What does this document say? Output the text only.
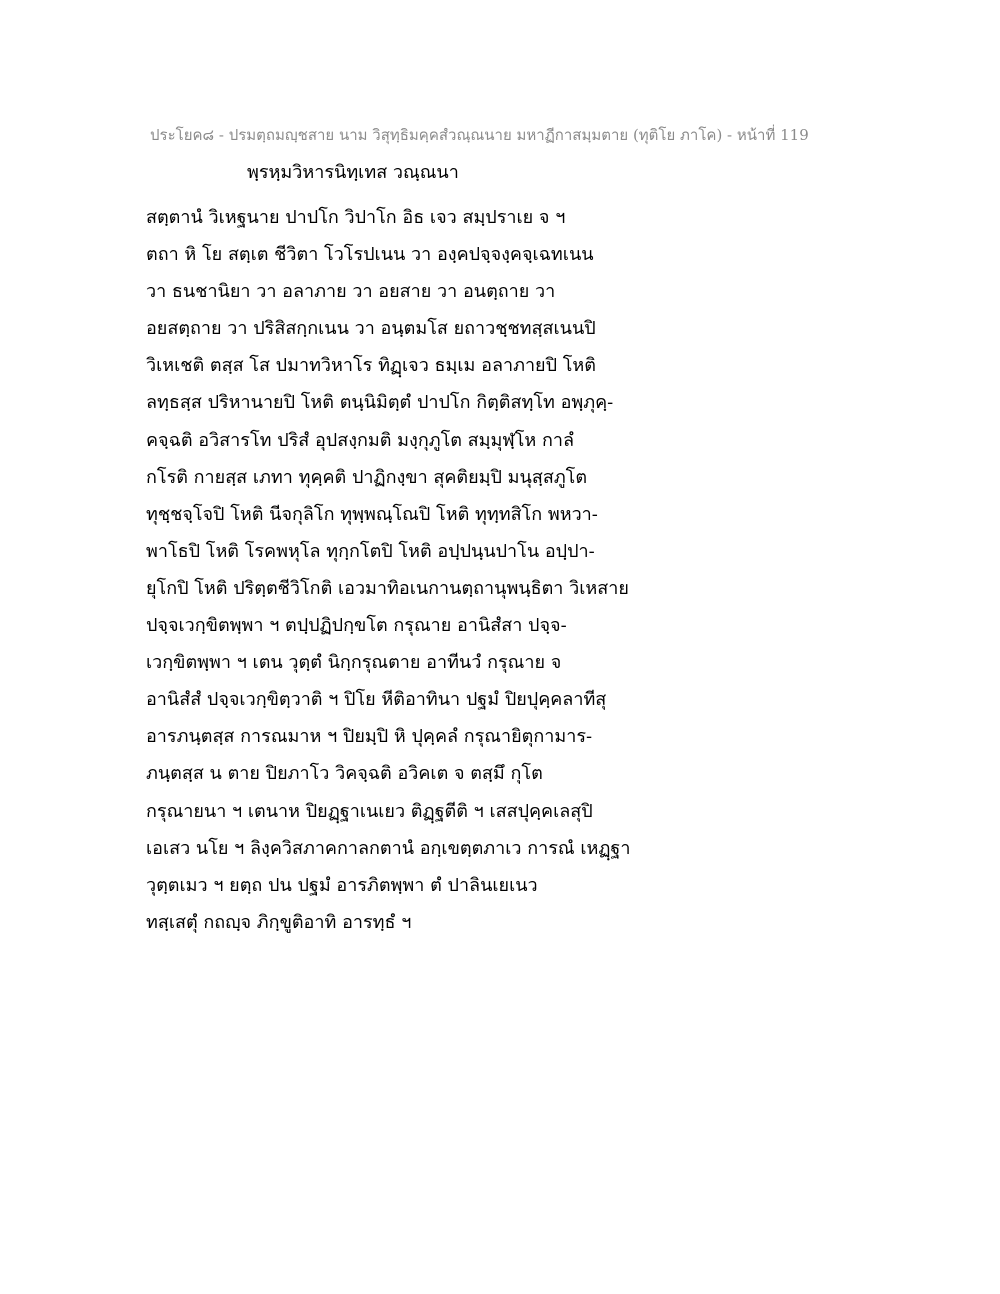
ประโยค๘ - ปรมตฺถมญฺชสาย นาม วิสุทฺธิมคฺคสํวณฺณนาย มหาฏีกาสมฺมตาย (ทุติโย ภาโค) - หน้าที่ 119
พฺรหฺมวิหารนิทฺเทส วณฺณนา
สตฺตานํ วิเหฐนาย ปาปโก วิปาโก อิธ เจว สมฺปราเย จ ฯ
ตถา หิ โย สตฺเต ชีวิตา โวโรปเนน วา องฺคปจฺจงฺคจฺเฉทเนน
วา ธนชานิยา วา อลาภาย วา อยสาย วา อนตฺถาย วา
อยสตฺถาย วา ปริสิสกฺกเนน วา อนฺตมโส ยถาวชฺชทสฺสเนนปิ
วิเหเชติ ตสฺส โส ปมาทวิหาโร ทิฏฺเจว ธมฺเม อลาภายปิ โหติ
ลทฺธสฺส ปริหานายปิ โหติ ตนฺนิมิตฺตํ ปาปโก กิตฺติสทฺโท อพฺภุคฺ-
คจฺฉติ อวิสารโท ปริสํ อุปสงฺกมติ มงฺกุภูโต สมฺมุฬฺโห กาลํ
กโรติ กายสฺส เภทา ทุคฺคติ ปาฏิกงฺขา สุคติยมฺปิ มนุสฺสภูโต
ทุชฺชจฺโจปิ โหติ นีจกุลิโก ทุพฺพณฺโณปิ โหติ ทุทฺทสิโก พหวา-
พาโธปิ โหติ โรคพหุโล ทุกฺกโตปิ โหติ อปฺปนฺนปาโน อปฺปา-
ยุโกปิ โหติ ปริตฺตชีวิโกติ เอวมาทิอเนกานตฺถานุพนฺธิตา วิเหสาย
ปจฺจเวกฺขิตพฺพา ฯ ตปฺปฏิปกฺขโต กรุณาย อานิสํสา ปจฺจ-
เวกฺขิตพฺพา ฯ เตน วุตฺตํ นิกฺกรุณตาย อาทีนวํ กรุณาย จ
อานิสํสํ ปจฺจเวกฺขิตฺวาติ ฯ ปิโย หีติอาทินา ปฐมํ ปิยปุคฺคลาทีสุ
อารภนฺตสฺส การณมาห ฯ ปิยมฺปิ หิ ปุคฺคลํ กรุณายิตุกามาร-
ภนฺตสฺส น ตาย ปิยภาโว วิคจฺฉติ อวิคเต จ ตสฺมึ กุโต
กรุณายนา ฯ เตนาห ปิยฏฺฐาเนเยว ติฏฺฐตีติ ฯ เสสปุคฺคเลสุปิ
เอเสว นโย ฯ ลิงฺควิสภาคกาลกตานํ อกฺเขตฺตภาเว การณํ เหฏฺฐา
วุตฺตเมว ฯ ยตฺถ ปน ปฐมํ อารภิตพฺพา ตํ ปาลินเยเนว
ทสฺเสตุํ กถญฺจ ภิกฺขูติอาทิ อารทฺธํ ฯ
